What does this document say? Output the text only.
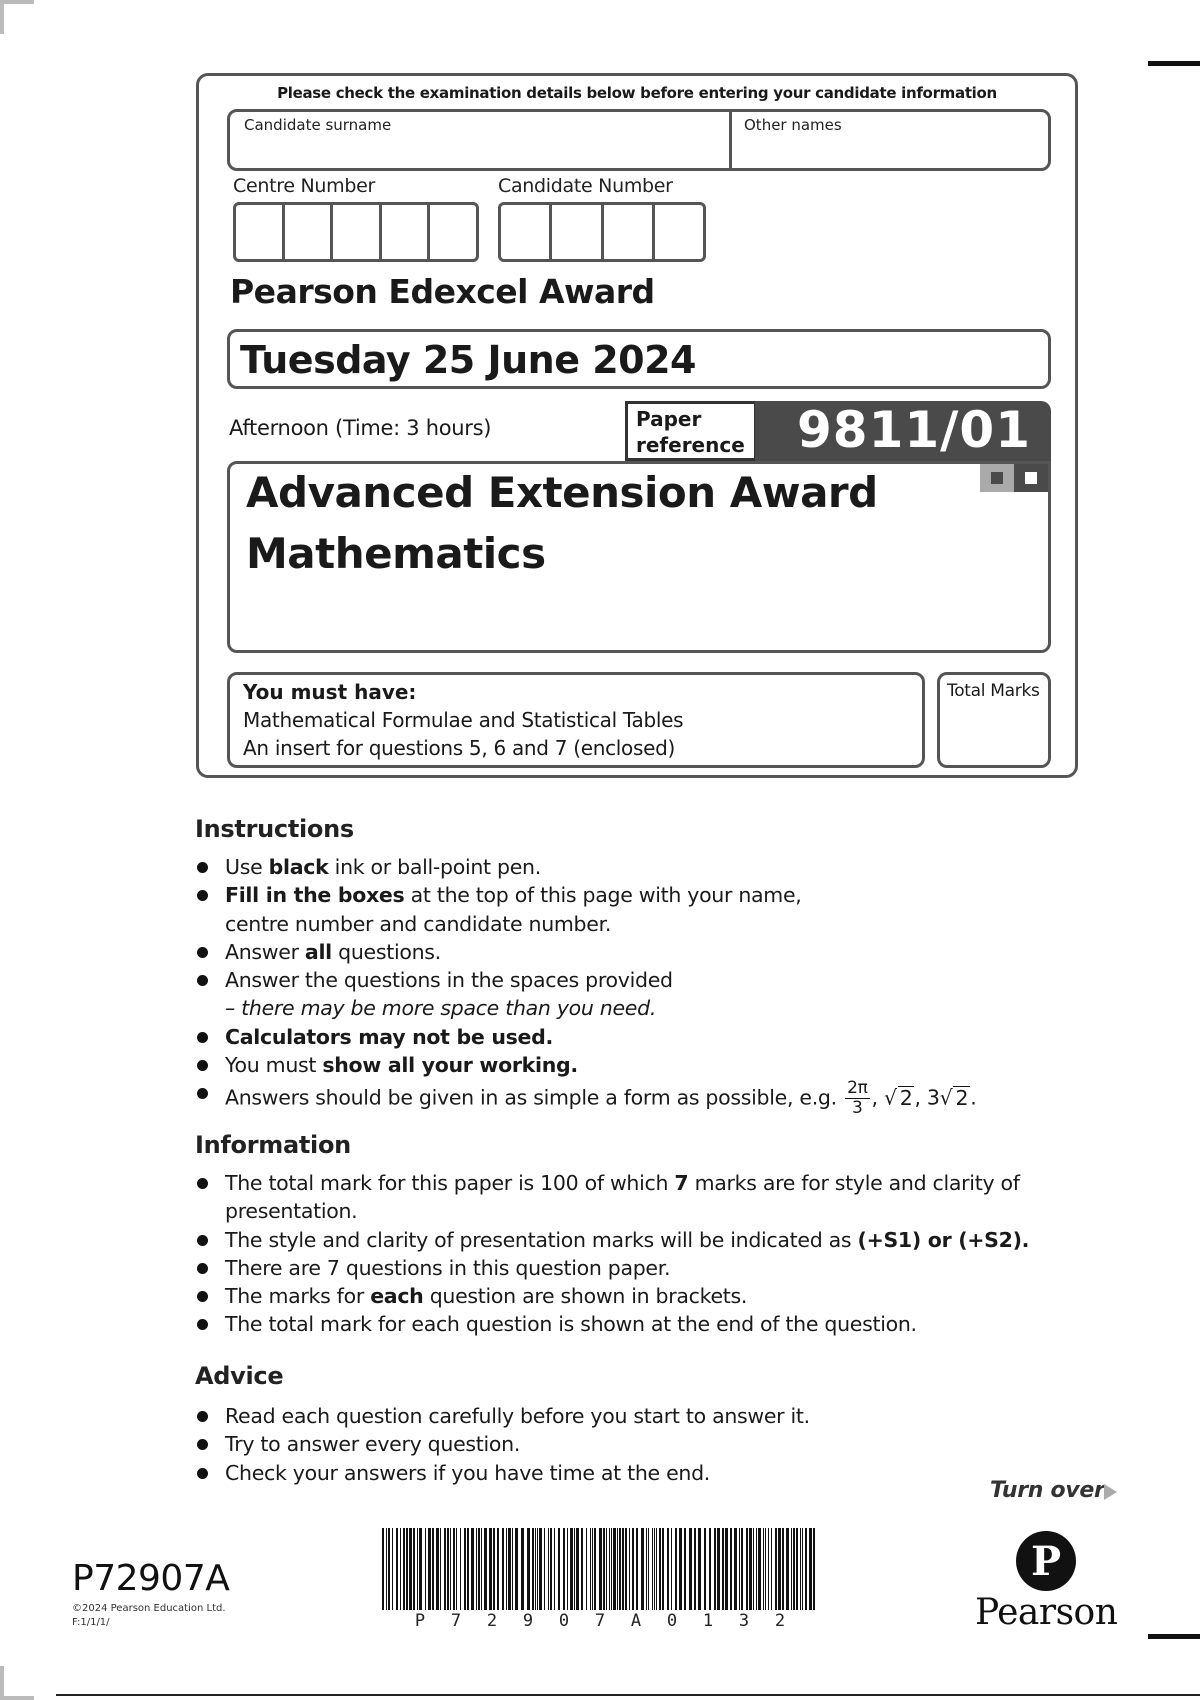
Please check the examination details below before entering your candidate information
Candidate surname	Other names
Centre Number	Candidate Number
Pearson Edexcel Award
Tuesday 25 June 2024
Afternoon (Time: 3 hours)	Paper
reference 9811/01
Advanced Extension Award
Mathematics
You must have:
Mathematical Formulae and Statistical Tables
An insert for questions 5, 6 and 7 (enclosed)
Total Marks
Instructions
Use black ink or ball-point pen.
Fill in the boxes at the top of this page with your name,
centre number and candidate number.
Answer all questions.
Answer the questions in the spaces provided
– there may be more space than you need.
Calculators may not be used.
You must show all your working.
Answers should be given in as simple a form as possible, e.g. $\frac{2\pi}{3}$ , √ 2, 3√ 2.
Information
The total mark for this paper is 100 of which 7 marks are for style and clarity of
presentation.
The style and clarity of presentation marks will be indicated as (+S1) or (+S2).
There are 7 questions in this question paper.
The marks for each question are shown in brackets.
The total mark for each question is shown at the end of the question.
Advice
Read each question carefully before you start to answer it.
Try to answer every question.
Check your answers if you have time at the end.
Turn over
P72907A
©2024 Pearson Education Ltd.
F:1/1/1/	P 7 2 9 0 7 A 0 1 3 2
P
Pearson
